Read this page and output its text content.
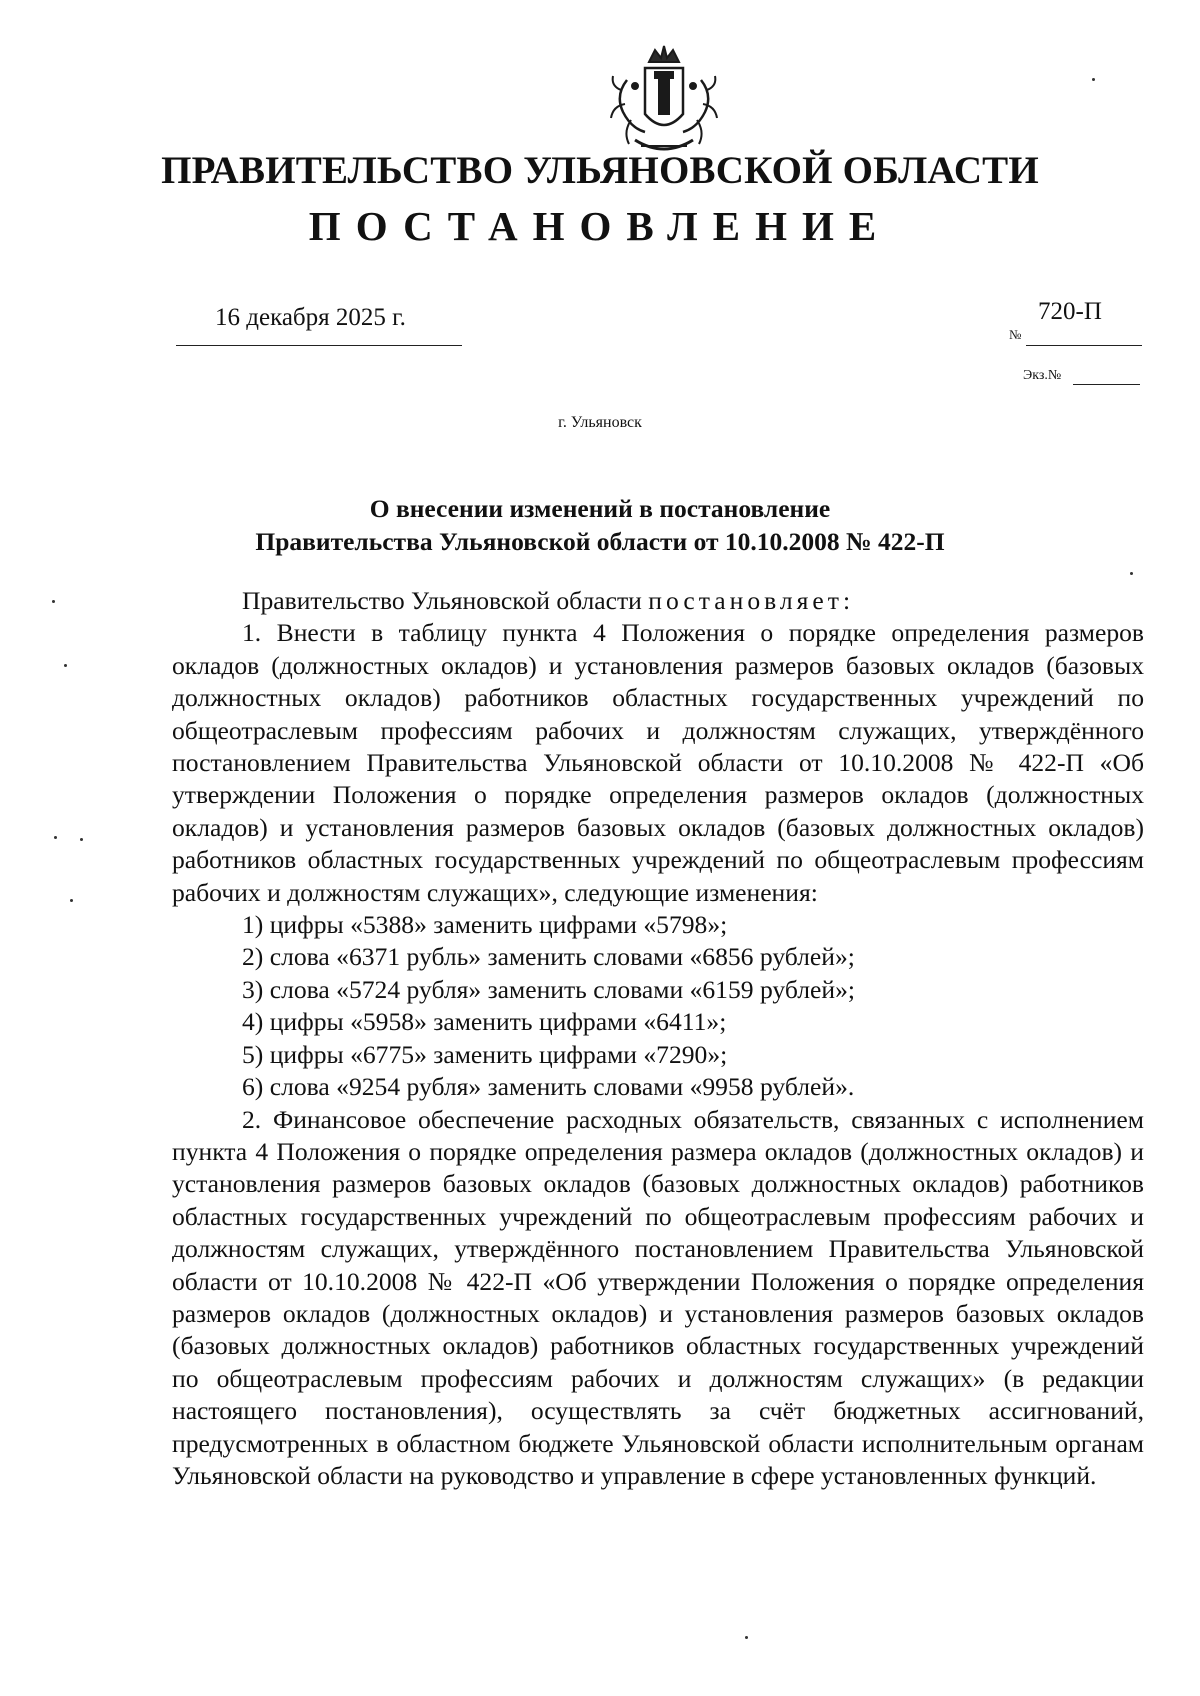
ПРАВИТЕЛЬСТВО УЛЬЯНОВСКОЙ ОБЛАСТИ
ПОСТАНОВЛЕНИЕ
16 декабря 2025 г.
№
720-П
Экз.№
г. Ульяновск
О внесении изменений в постановление
Правительства Ульяновской области от 10.10.2008 № 422-П

Правительство Ульяновской области постановляет:

1. Внести в таблицу пункта 4 Положения о порядке определения размеров окладов (должностных окладов) и установления размеров базовых окладов (базовых должностных окладов) работников областных государственных учреждений по общеотраслевым профессиям рабочих и должностям служащих, утверждённого постановлением Правительства Ульяновской области от 10.10.2008 № 422-П «Об утверждении Положения о порядке определения размеров окладов (должностных окладов) и установления размеров базовых окладов (базовых должностных окладов) работников областных государственных учреждений по общеотраслевым профессиям рабочих и должностям служащих», следующие изменения:

1) цифры «5388» заменить цифрами «5798»;

2) слова «6371 рубль» заменить словами «6856 рублей»;

3) слова «5724 рубля» заменить словами «6159 рублей»;

4) цифры «5958» заменить цифрами «6411»;

5) цифры «6775» заменить цифрами «7290»;

6) слова «9254 рубля» заменить словами «9958 рублей».

2. Финансовое обеспечение расходных обязательств, связанных с исполнением пункта 4 Положения о порядке определения размера окладов (должностных окладов) и установления размеров базовых окладов (базовых должностных окладов) работников областных государственных учреждений по общеотраслевым профессиям рабочих и должностям служащих, утверждённого постановлением Правительства Ульяновской области от 10.10.2008 № 422-П «Об утверждении Положения о порядке определения размеров окладов (должностных окладов) и установления размеров базовых окладов (базовых должностных окладов) работников областных государственных учреждений по общеотраслевым профессиям рабочих и должностям служащих» (в редакции настоящего постановления), осуществлять за счёт бюджетных ассигнований, предусмотренных в областном бюджете Ульяновской области исполнительным органам Ульяновской области на руководство и управление в сфере установленных функций.
